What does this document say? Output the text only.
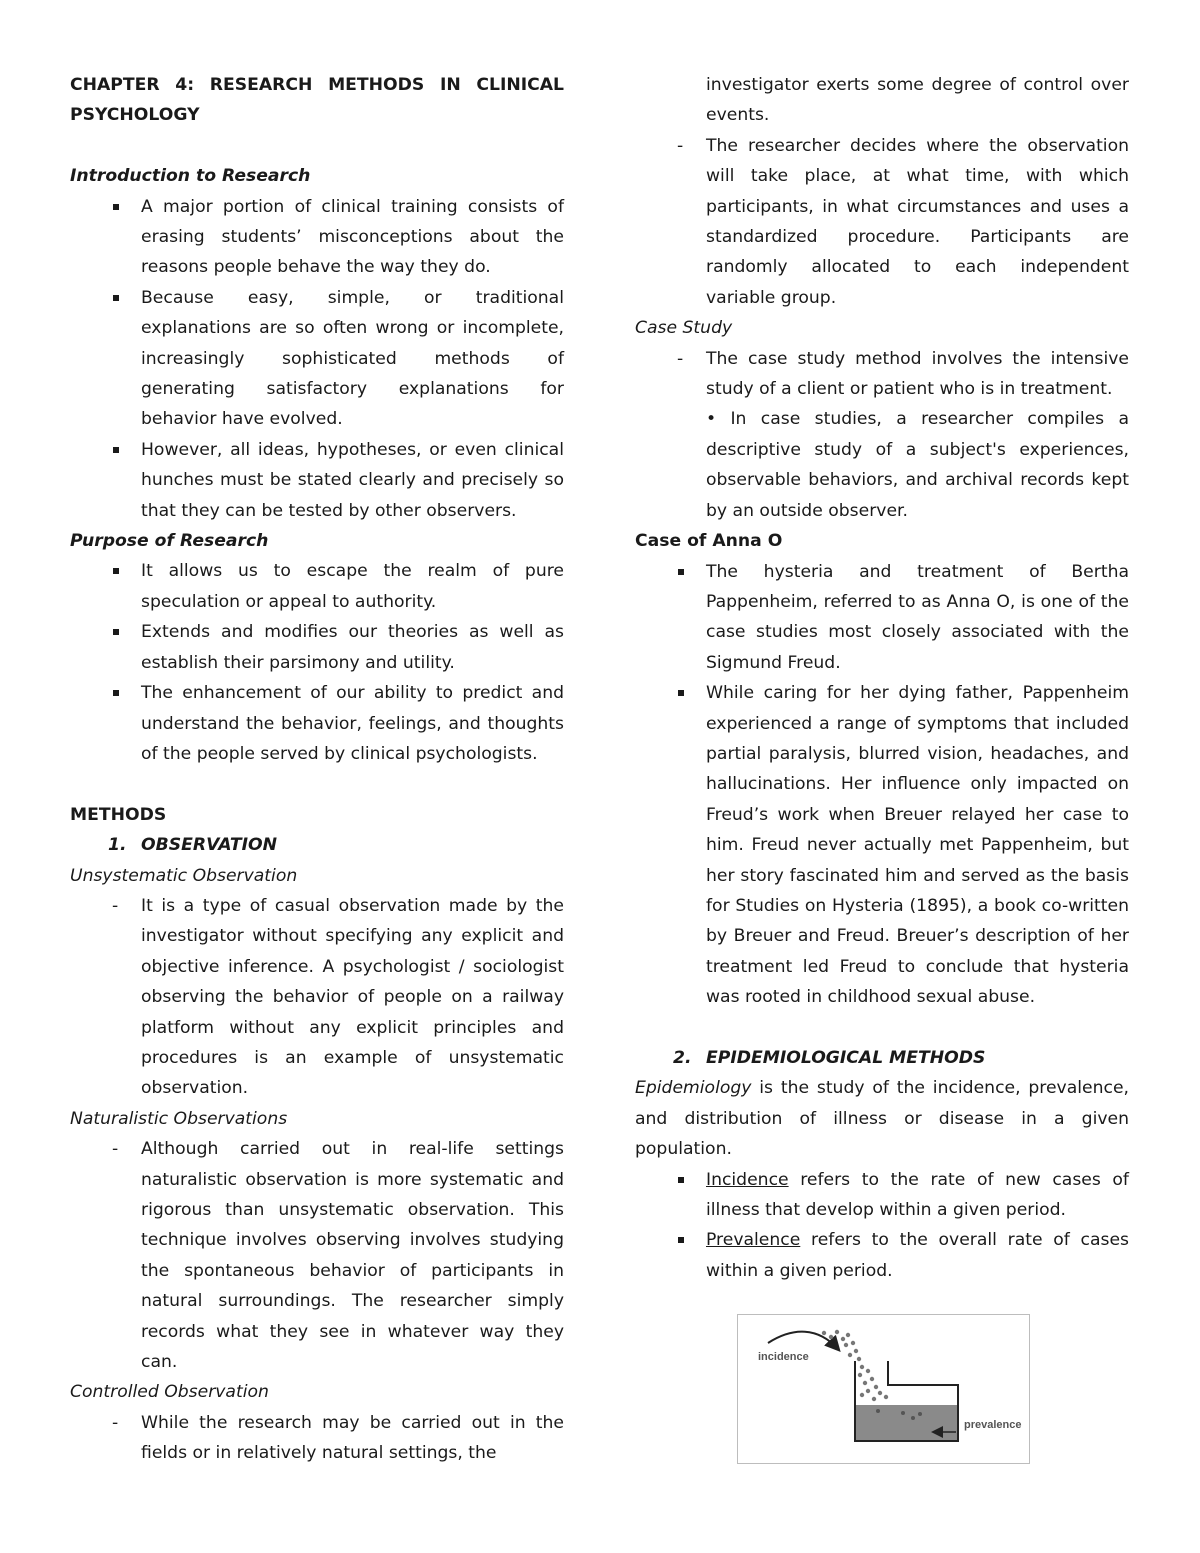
CHAPTER 4: RESEARCH METHODS IN CLINICAL PSYCHOLOGY

Introduction to Research

A major portion of clinical training consists of erasing students’ misconceptions about the reasons people behave the way they do.
Because easy, simple, or traditional explanations are so often wrong or incomplete, increasingly sophisticated methods of generating satisfactory explanations for behavior have evolved.
However, all ideas, hypotheses, or even clinical hunches must be stated clearly and precisely so that they can be tested by other observers.

Purpose of Research

It allows us to escape the realm of pure speculation or appeal to authority.
Extends and modifies our theories as well as establish their parsimony and utility.
The enhancement of our ability to predict and understand the behavior, feelings, and thoughts of the people served by clinical psychologists.

METHODS

1. OBSERVATION

Unsystematic Observation

It is a type of casual observation made by the investigator without specifying any explicit and objective inference. A psychologist / sociologist observing the behavior of people on a railway platform without any explicit principles and procedures is an example of unsystematic observation.

Naturalistic Observations

Although carried out in real-life settings naturalistic observation is more systematic and rigorous than unsystematic observation. This technique involves observing involves studying the spontaneous behavior of participants in natural surroundings. The researcher simply records what they see in whatever way they can.

Controlled Observation

While the research may be carried out in the fields or in relatively natural settings, the
investigator exerts some degree of control over events.
The researcher decides where the observation will take place, at what time, with which participants, in what circumstances and uses a standardized procedure. Participants are randomly allocated to each independent variable group.

Case Study

The case study method involves the intensive study of a client or patient who is in treatment.
• In case studies, a researcher compiles a descriptive study of a subject's experiences, observable behaviors, and archival records kept by an outside observer.

Case of Anna O

The hysteria and treatment of Bertha Pappenheim, referred to as Anna O, is one of the case studies most closely associated with the Sigmund Freud.
While caring for her dying father, Pappenheim experienced a range of symptoms that included partial paralysis, blurred vision, headaches, and hallucinations. Her influence only impacted on Freud’s work when Breuer relayed her case to him. Freud never actually met Pappenheim, but her story fascinated him and served as the basis for Studies on Hysteria (1895), a book co-written by Breuer and Freud. Breuer’s description of her treatment led Freud to conclude that hysteria was rooted in childhood sexual abuse.

2. EPIDEMIOLOGICAL METHODS

Epidemiology is the study of the incidence, prevalence, and distribution of illness or disease in a given population.

Incidence refers to the rate of new cases of illness that develop within a given period.
Prevalence refers to the overall rate of cases within a given period.
incidence
prevalence
